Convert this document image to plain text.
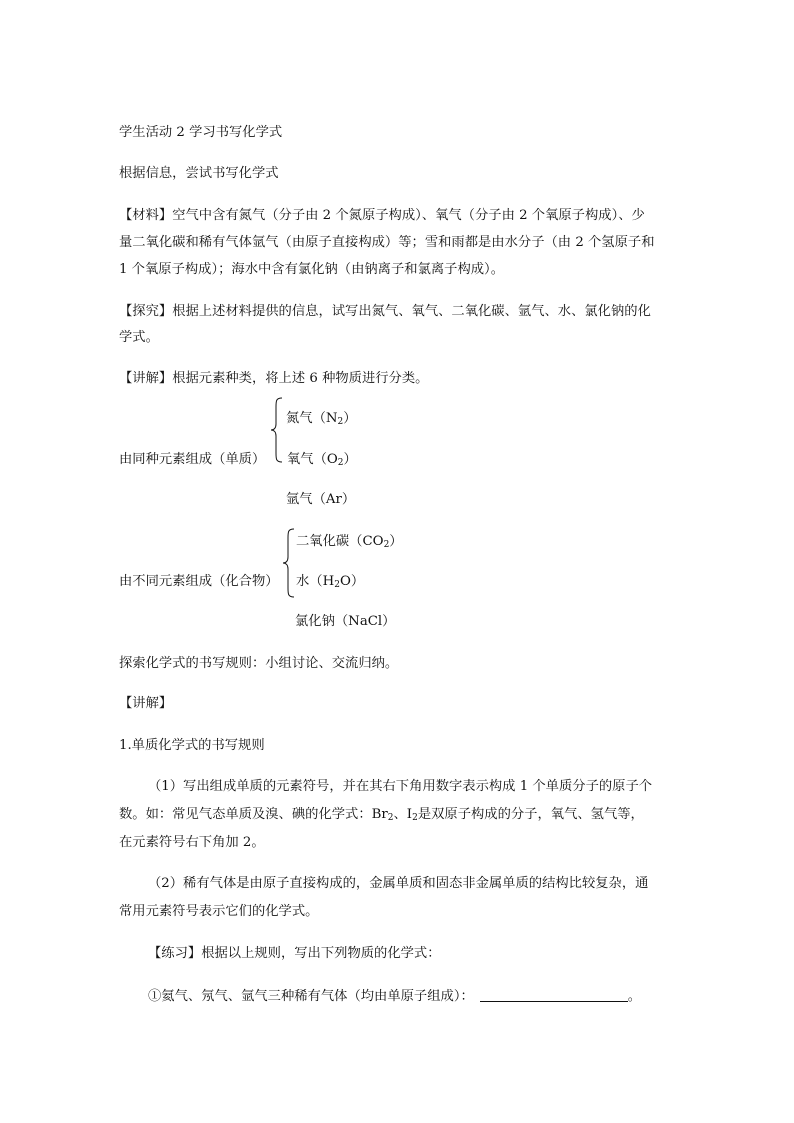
学生活动 2 学习书写化学式
根据信息，尝试书写化学式
【材料】空气中含有氮气（分子由 2 个氮原子构成）、氧气（分子由 2 个氧原子构成）、少
量二氧化碳和稀有气体氩气（由原子直接构成）等；雪和雨都是由水分子（由 2 个氢原子和
1 个氧原子构成）；海水中含有氯化钠（由钠离子和氯离子构成）。
【探究】根据上述材料提供的信息，试写出氮气、氧气、二氧化碳、氩气、水、氯化钠的化
学式。
【讲解】根据元素种类，将上述 6 种物质进行分类。
氮气$(N_2)$
由同种元素组成（单质） 氧气$(O_2)$
氩气（Ar）
二氧化碳$(CO_2)$
由不同元素组成（化合物） 水$(H_2O)$
氯化钠（NaCl）
探索化学式的书写规则：小组讨论、交流归纳。
【讲解】
1.单质化学式的书写规则
（1）写出组成单质的元素符号，并在其右下角用数字表示构成 1 个单质分子的原子个
数。如：常见气态单质及溴、碘的化学式：$Br_2$、$I_2$是双原子构成的分子，氧气、氢气等，
在元素符号右下角加 2。
（2）稀有气体是由原子直接构成的，金属单质和固态非金属单质的结构比较复杂，通
常用元素符号表示它们的化学式。
【练习】根据以上规则，写出下列物质的化学式：
①氦气、氖气、氩气三种稀有气体（均由单原子组成）：	。
